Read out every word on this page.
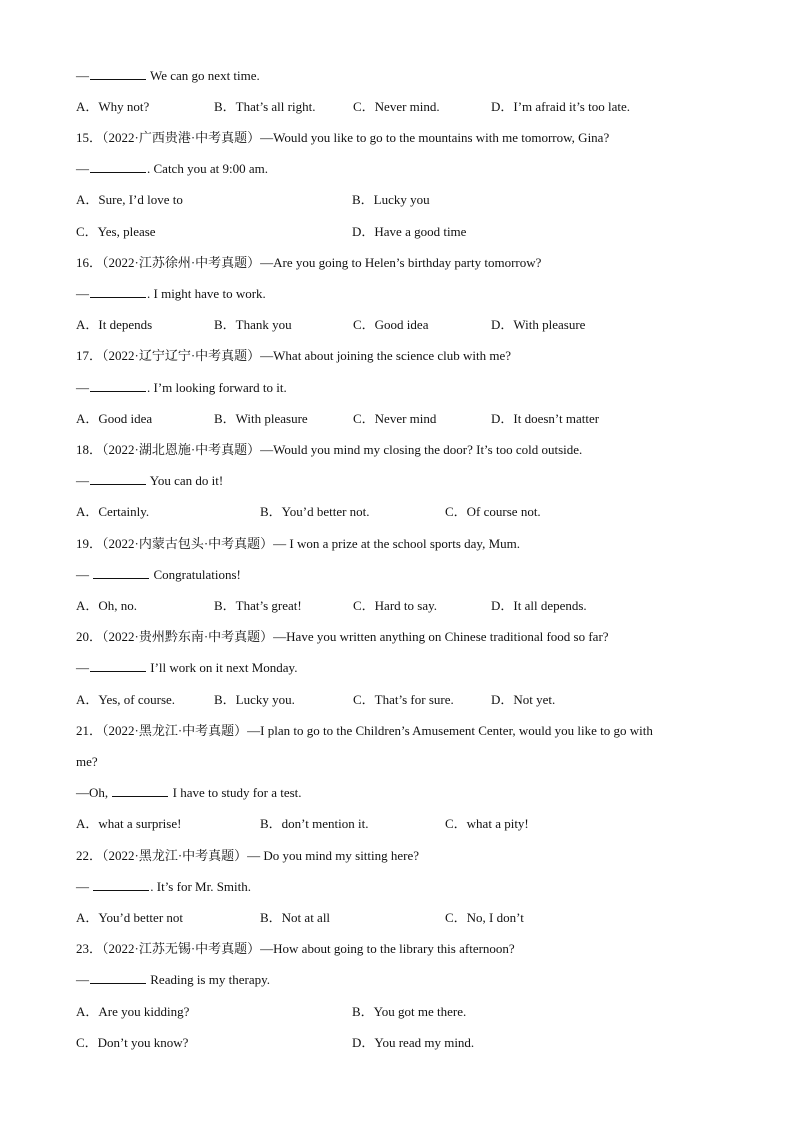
—	We can go next time.
A．Why not?	B．That’s all right.	C．Never mind.	D．I’m afraid it’s too late.
15．（2022·广西贵港·中考真题）—Would you like to go to the mountains with me tomorrow, Gina?
—	. Catch you at 9:00 am.
A．Sure, I’d love to	B．Lucky you
C．Yes, please	D．Have a good time
16．（2022·江苏徐州·中考真题）—Are you going to Helen’s birthday party tomorrow?
—	. I might have to work.
A．It depends	B．Thank you	C．Good idea	D．With pleasure
17．（2022·辽宁辽宁·中考真题）—What about joining the science club with me?
—	. I’m looking forward to it.
A．Good idea	B．With pleasure	C．Never mind	D．It doesn’t matter
18．（2022·湖北恩施·中考真题）—Would you mind my closing the door? It’s too cold outside.
—	You can do it!
A．Certainly.	B．You’d better not.	C．Of course not.
19．（2022·内蒙古包头·中考真题）— I won a prize at the school sports day, Mum.
—	Congratulations!
A．Oh, no.	B．That’s great!	C．Hard to say.	D．It all depends.
20．（2022·贵州黔东南·中考真题）—Have you written anything on Chinese traditional food so far?
—	I’ll work on it next Monday.
A．Yes, of course.	B．Lucky you.	C．That’s for sure.	D．Not yet.
21．（2022·黑龙江·中考真题）—I plan to go to the Children’s Amusement Center, would you like to go with
me?
—Oh,	I have to study for a test.
A．what a surprise!	B．don’t mention it.	C．what a pity!
22．（2022·黑龙江·中考真题）— Do you mind my sitting here?
—	. It’s for Mr. Smith.
A．You’d better not	B．Not at all	C．No, I don’t
23．（2022·江苏无锡·中考真题）—How about going to the library this afternoon?
—	Reading is my therapy.
A．Are you kidding?	B．You got me there.
C．Don’t you know?	D．You read my mind.
